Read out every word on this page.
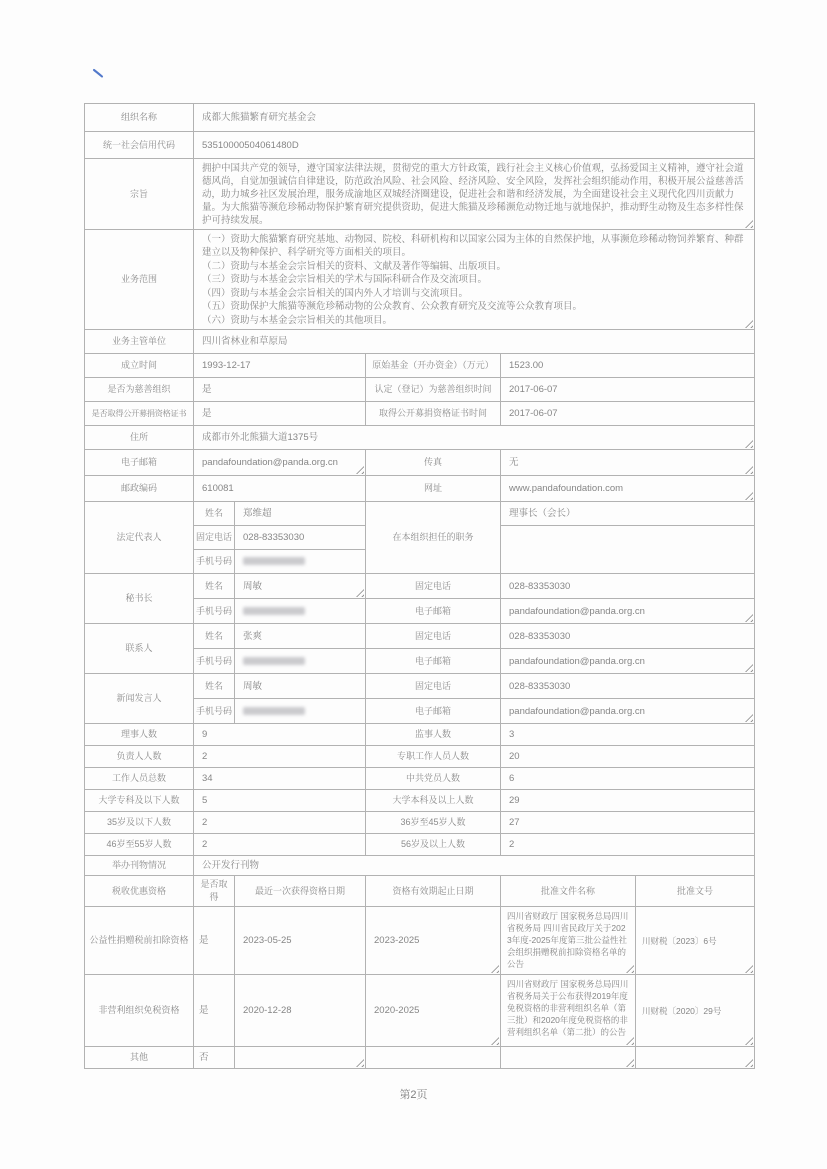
组织名称	成都大熊猫繁育研究基金会				
统一社会信用代码	53510000504061480D				
宗旨	拥护中国共产党的领导，遵守国家法律法规，贯彻党的重大方针政策，践行社会主义核心价值观，弘扬爱国主义精神，遵守社会道德风尚，自觉加强诚信自律建设，防范政治风险、社会风险、经济风险、安全风险，发挥社会组织能动作用，积极开展公益慈善活动，助力城乡社区发展治理，服务成渝地区双城经济圈建设，促进社会和谐和经济发展，为全面建设社会主义现代化四川贡献力量。为大熊猫等濒危珍稀动物保护繁育研究提供资助，促进大熊猫及珍稀濒危动物迁地与就地保护，推动野生动物及生态多样性保护可持续发展。				

业务范围	
（一）资助大熊猫繁育研究基地、动物园、院校、科研机构和以国家公园为主体的自然保护地，从事濒危珍稀动物饲养繁育、种群建立以及物种保护、科学研究等方面相关的项目。
（二）资助与本基金会宗旨相关的资料、文献及著作等编辑、出版项目。
（三）资助与本基金会宗旨相关的学术与国际科研合作及交流项目。
（四）资助与本基金会宗旨相关的国内外人才培训与交流项目。
（五）资助保护大熊猫等濒危珍稀动物的公众教育、公众教育研究及交流等公众教育项目。
（六）资助与本基金会宗旨相关的其他项目。

业务主管单位	四川省林业和草原局				
成立时间	1993-12-17		原始基金（开办资金）（万元）	1523.00	
是否为慈善组织	是		认定（登记）为慈善组织时间	2017-06-07	
是否取得公开募捐资格证书	是		取得公开募捐资格证书时间	2017-06-07	
住所	成都市外北熊猫大道1375号				

电子邮箱	pandafoundation@panda.org.cn		传真	无	

邮政编码	610081		网址	www.pandafoundation.com	

法定代表人	姓名	郑维超	在本组织担任的职务	理事长（会长）	
	固定电话	028-83353030			
	手机号码				
秘书长	姓名	周敏	固定电话	028-83353030	
	手机号码		电子邮箱	pandafoundation@panda.org.cn	

联系人	姓名	张爽	固定电话	028-83353030	
	手机号码		电子邮箱	pandafoundation@panda.org.cn	

新闻发言人	姓名	周敏	固定电话	028-83353030	
	手机号码		电子邮箱	pandafoundation@panda.org.cn	

理事人数	9		监事人数	3	
负责人人数	2		专职工作人员人数	20	
工作人员总数	34		中共党员人数	6	
大学专科及以下人数	5		大学本科及以上人数	29	
35岁及以下人数	2		36岁至45岁人数	27	
46岁至55岁人数	2		56岁及以上人数	2	
举办刊物情况	公开发行刊物				
税收优惠资格	是否取得	最近一次获得资格日期	资格有效期起止日期	批准文件名称	批准文号
公益性捐赠税前扣除资格	是	2023-05-25	2023-2025	四川省财政厅 国家税务总局四川省税务局 四川省民政厅关于2023年度-2025年度第三批公益性社会组织捐赠税前扣除资格名单的公告	川财税〔2023〕6号

非营利组织免税资格	是	2020-12-28	2020-2025	四川省财政厅 国家税务总局四川省税务局关于公布获得2019年度免税资格的非营利组织名单（第三批）和2020年度免税资格的非营利组织名单（第二批）的公告	川财税〔2020〕29号

其他	否	

第2页
